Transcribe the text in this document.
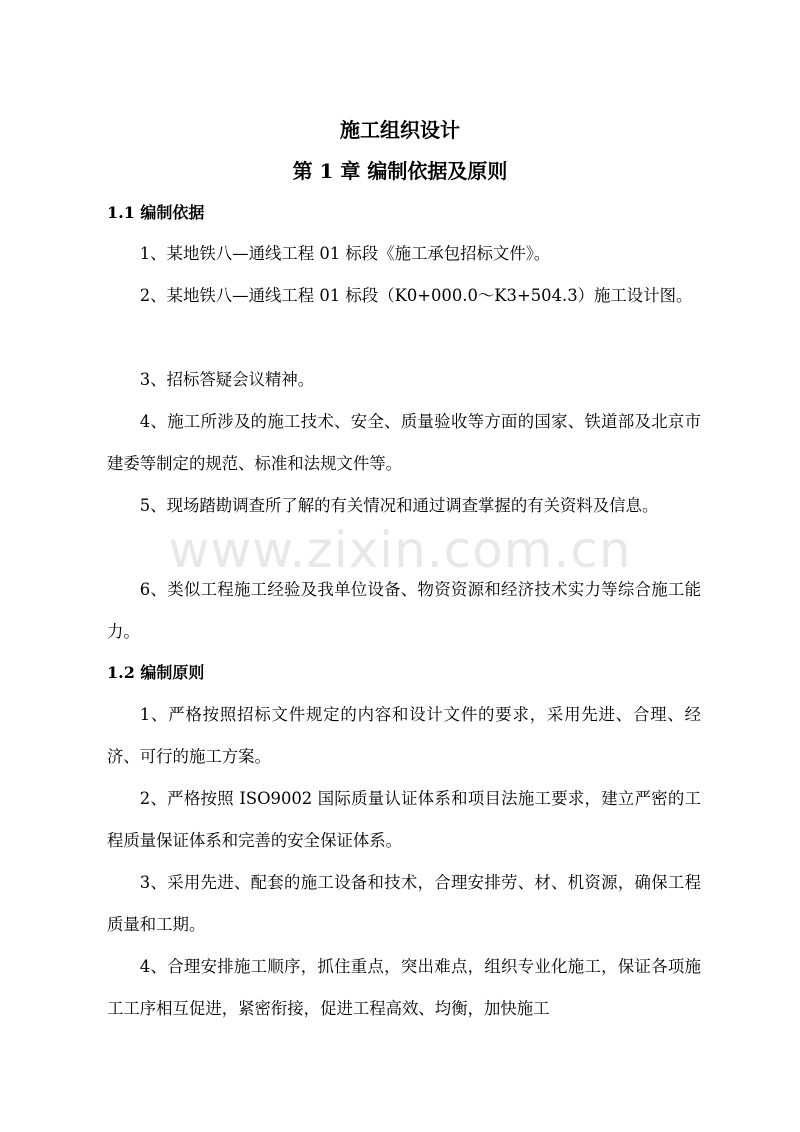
施工组织设计
第 1 章 编制依据及原则
1.1 编制依据

1、某地铁八—通线工程 01 标段《施工承包招标文件》。

2、某地铁八—通线工程 01 标段（K0+000.0～K3+504.3）施工设计图。

3、招标答疑会议精神。

4、施工所涉及的施工技术、安全、质量验收等方面的国家、铁道部及北京市建委等制定的规范、标准和法规文件等。

5、现场踏勘调查所了解的有关情况和通过调查掌握的有关资料及信息。

6、类似工程施工经验及我单位设备、物资资源和经济技术实力等综合施工能力。

1.2 编制原则

1、严格按照招标文件规定的内容和设计文件的要求，采用先进、合理、经济、可行的施工方案。

2、严格按照 ISO9002 国际质量认证体系和项目法施工要求，建立严密的工程质量保证体系和完善的安全保证体系。

3、采用先进、配套的施工设备和技术，合理安排劳、材、机资源，确保工程质量和工期。

4、合理安排施工顺序，抓住重点，突出难点，组织专业化施工，保证各项施工工序相互促进，紧密衔接，促进工程高效、均衡，加快施工

www.zixin.com.cn
